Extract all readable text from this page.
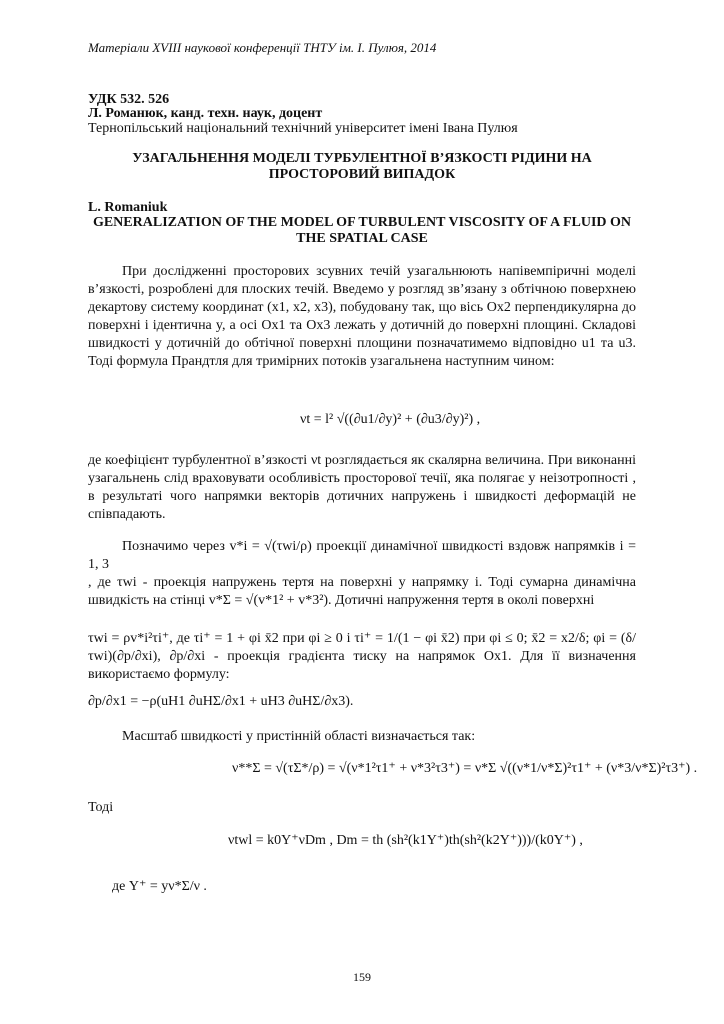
Матеріали XVIII наукової конференції ТНТУ ім. І. Пулюя, 2014
УДК 532. 526
Л. Романюк, канд. техн. наук, доцент
Тернопільський національний технічний університет імені Івана Пулюя
УЗАГАЛЬНЕННЯ МОДЕЛІ ТУРБУЛЕНТНОЇ В’ЯЗКОСТІ РІДИНИ НА ПРОСТОРОВИЙ ВИПАДОК
L. Romaniuk
GENERALIZATION OF THE MODEL OF TURBULENT VISCOSITY OF A FLUID ON THE SPATIAL CASE
При дослідженні просторових зсувних течій узагальнюють напівемпіричні моделі в’язкості, розроблені для плоских течій. Введемо у розгляд зв’язану з обтічною поверхнею декартову систему координат (x1, x2, x3), побудовану так, що вісь Ox2 перпендикулярна до поверхні і ідентична y, а осі Ox1 та Ox3 лежать у дотичній до поверхні площині. Складові швидкості у дотичній до обтічної поверхні площини позначатимемо відповідно u1 та u3. Тоді формула Прандтля для тримірних потоків узагальнена наступним чином:
νt = l² √((∂u1/∂y)² + (∂u3/∂y)²) ,
де коефіцієнт турбулентної в’язкості νt розглядається як скалярна величина. При виконанні узагальнень слід враховувати особливість просторової течії, яка полягає у неізотропності , в результаті чого напрямки векторів дотичних напружень і швидкості деформацій не співпадають.
Позначимо через v*i = √(τwi/ρ) проекції динамічної швидкості вздовж напрямків i = 1, 3
, де τwi - проекція напружень тертя на поверхні у напрямку i. Тоді сумарна динамічна швидкість на стінці v*Σ = √(v*1² + v*3²). Дотичні напруження тертя в околі поверхні
τwi = ρv*i²τi⁺, де τi⁺ = 1 + φi x̄2 при φi ≥ 0 і τi⁺ = 1/(1 − φi x̄2) при φi ≤ 0; x̄2 = x2/δ; φi = (δ/τwi)(∂p/∂xi), ∂p/∂xi - проекція градієнта тиску на напрямок Ox1. Для її визначення використаємо формулу:
∂p/∂x1 = −ρ(uH1 ∂uHΣ/∂x1 + uH3 ∂uHΣ/∂x3).
Масштаб швидкості у пристінній області визначається так:
ν**Σ = √(τΣ*/ρ) = √(ν*1²τ1⁺ + ν*3²τ3⁺) = ν*Σ √((ν*1/ν*Σ)²τ1⁺ + (ν*3/ν*Σ)²τ3⁺) .
Тоді
νtwl = k0Y⁺νDm , Dm = th (sh²(k1Y⁺)th(sh²(k2Y⁺)))/(k0Y⁺) ,
де Y⁺ = yν*Σ/ν .
159
